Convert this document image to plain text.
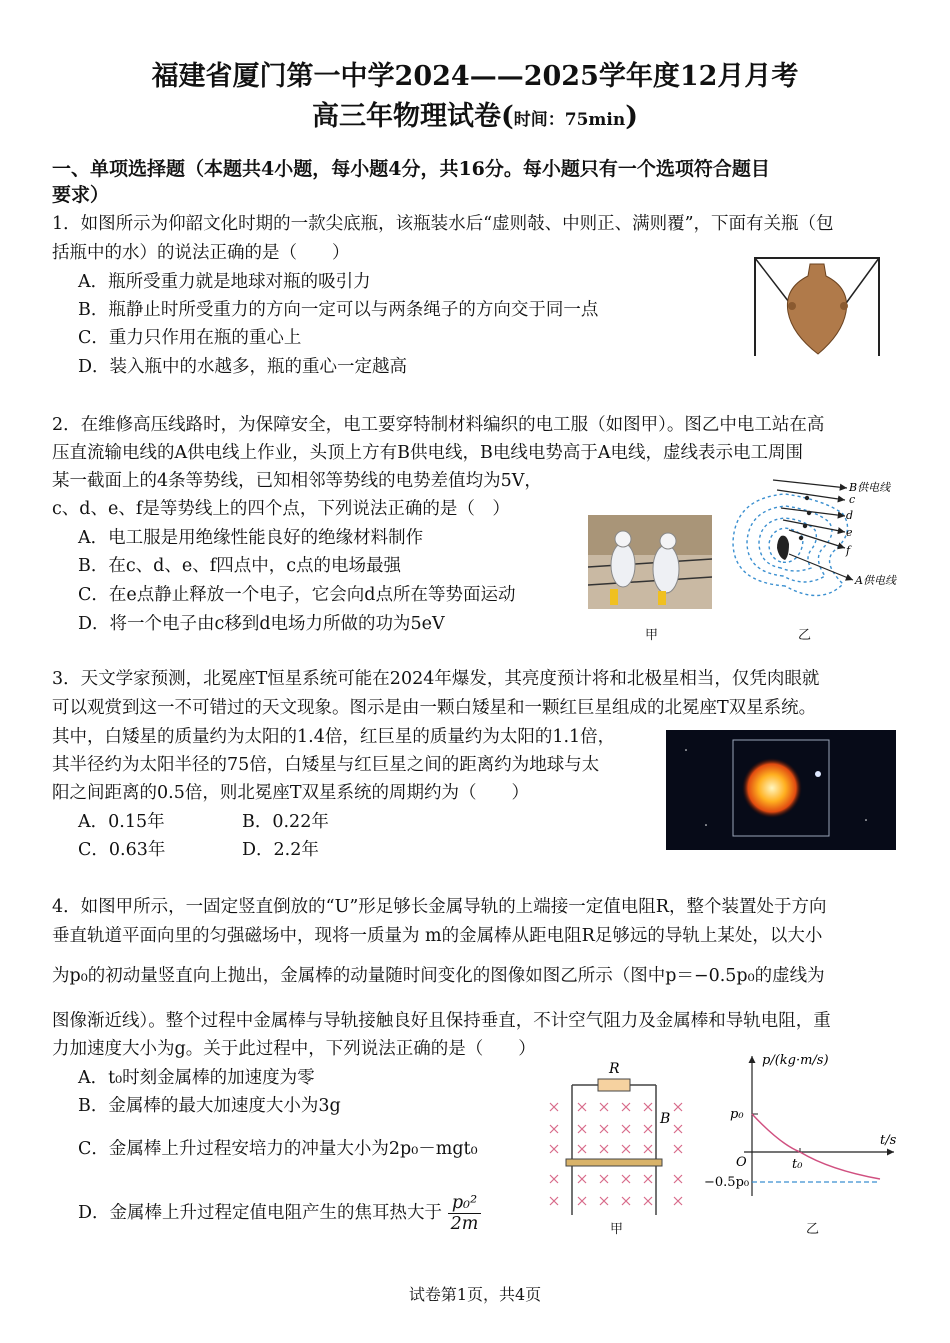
福建省厦门第一中学2024——2025学年度12月月考
高三年物理试卷(时间：75min)
一、单项选择题（本题共4小题，每小题4分，共16分。每小题只有一个选项符合题目
要求）
1．如图所示为仰韶文化时期的一款尖底瓶，该瓶装水后“虚则攲、中则正、满则覆”，下面有关瓶（包
括瓶中的水）的说法正确的是（　　）
A．瓶所受重力就是地球对瓶的吸引力
B．瓶静止时所受重力的方向一定可以与两条绳子的方向交于同一点
C．重力只作用在瓶的重心上
D．装入瓶中的水越多，瓶的重心一定越高
2．在维修高压线路时，为保障安全，电工要穿特制材料编织的电工服（如图甲）。图乙中电工站在高
压直流输电线的A供电线上作业，头顶上方有B供电线，B电线电势高于A电线，虚线表示电工周围
某一截面上的4条等势线，已知相邻等势线的电势差值均为5V，
c、d、e、f是等势线上的四个点，下列说法正确的是（　）
A．电工服是用绝缘性能良好的绝缘材料制作
B．在c、d、e、f四点中，c点的电场最强
C．在e点静止释放一个电子，它会向d点所在等势面运动
D．将一个电子由c移到d电场力所做的功为5eV
甲
B供电线
c
d
e
f
A供电线
乙
3．天文学家预测，北冕座T恒星系统可能在2024年爆发，其亮度预计将和北极星相当，仅凭肉眼就
可以观赏到这一不可错过的天文现象。图示是由一颗白矮星和一颗红巨星组成的北冕座T双星系统。
其中，白矮星的质量约为太阳的1.4倍，红巨星的质量约为太阳的1.1倍，
其半径约为太阳半径的75倍，白矮星与红巨星之间的距离约为地球与太
阳之间距离的0.5倍，则北冕座T双星系统的周期约为（　　）
A．0.15年	B．0.22年
C．0.63年	D．2.2年
4．如图甲所示，一固定竖直倒放的“U”形足够长金属导轨的上端接一定值电阻R，整个装置处于方向
垂直轨道平面向里的匀强磁场中，现将一质量为 m的金属棒从距电阻R足够远的导轨上某处，以大小
为p₀的初动量竖直向上抛出，金属棒的动量随时间变化的图像如图乙所示（图中p＝−0.5p₀的虚线为
图像渐近线）。整个过程中金属棒与导轨接触良好且保持垂直，不计空气阻力及金属棒和导轨电阻，重
力加速度大小为g。关于此过程中，下列说法正确的是（　　）
A．t₀时刻金属棒的加速度为零
B．金属棒的最大加速度大小为3g
C．金属棒上升过程安培力的冲量大小为2p₀－mgt₀
D．金属棒上升过程定值电阻产生的焦耳热大于 $\frac{\text{p₀²}}{2m}$
R
B
甲
p/(kg·m/s)
t/s
p₀
O	t₀
−0.5p₀
乙
试卷第1页，共4页
